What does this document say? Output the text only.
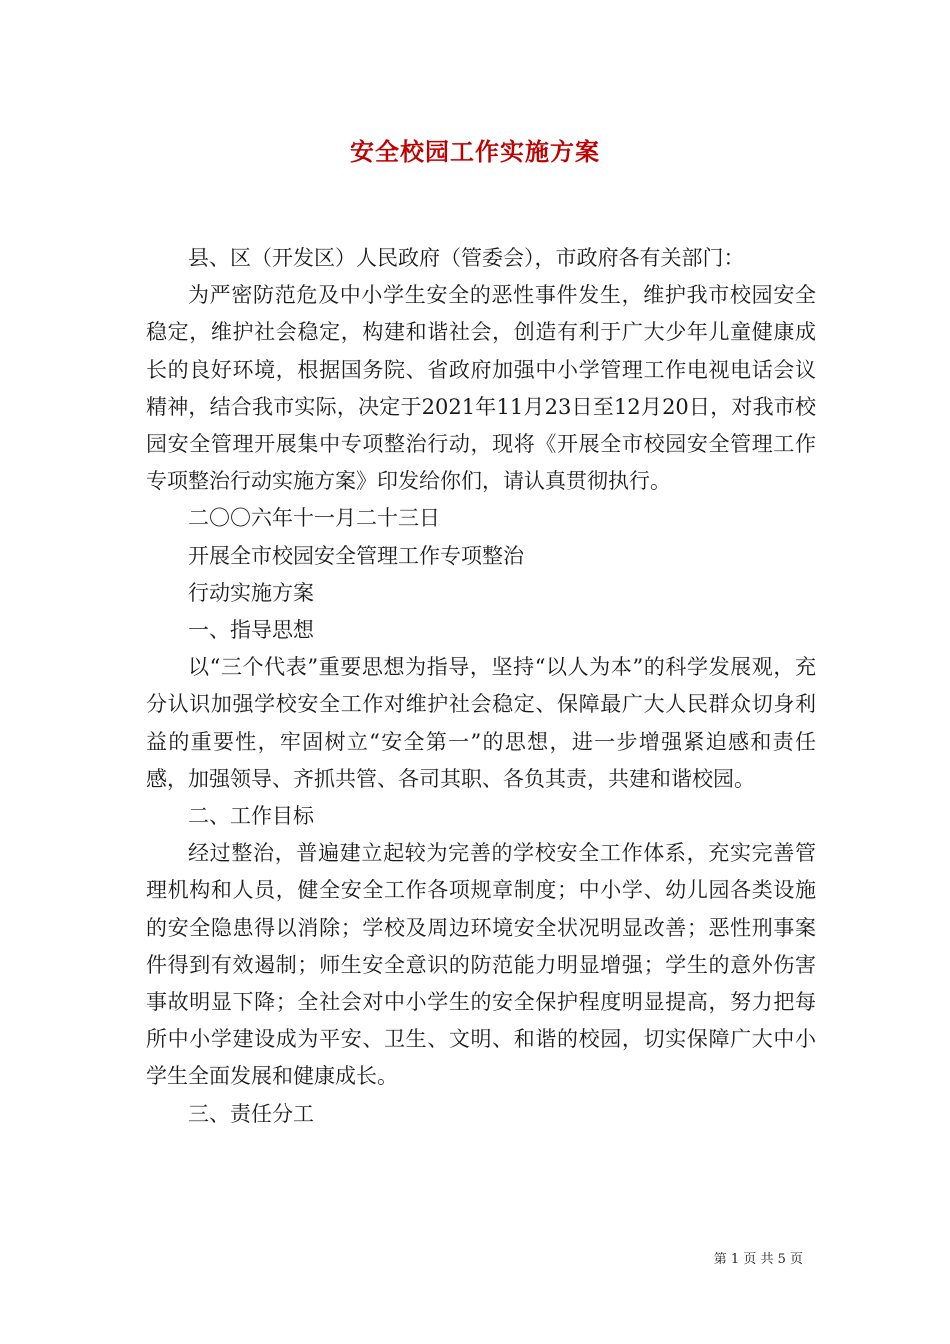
安全校园工作实施方案

县、区（开发区）人民政府（管委会），市政府各有关部门：

为严密防范危及中小学生安全的恶性事件发生，维护我市校园安全稳定，维护社会稳定，构建和谐社会，创造有利于广大少年儿童健康成长的良好环境，根据国务院、省政府加强中小学管理工作电视电话会议精神，结合我市实际，决定于2021年11月23日至12月20日，对我市校园安全管理开展集中专项整治行动，现将《开展全市校园安全管理工作专项整治行动实施方案》印发给你们，请认真贯彻执行。

二〇〇六年十一月二十三日

开展全市校园安全管理工作专项整治

行动实施方案

一、指导思想

以“三个代表”重要思想为指导，坚持“以人为本”的科学发展观，充分认识加强学校安全工作对维护社会稳定、保障最广大人民群众切身利益的重要性，牢固树立“安全第一”的思想，进一步增强紧迫感和责任感，加强领导、齐抓共管、各司其职、各负其责，共建和谐校园。

二、工作目标

经过整治，普遍建立起较为完善的学校安全工作体系，充实完善管理机构和人员，健全安全工作各项规章制度；中小学、幼儿园各类设施的安全隐患得以消除；学校及周边环境安全状况明显改善；恶性刑事案件得到有效遏制；师生安全意识的防范能力明显增强；学生的意外伤害事故明显下降；全社会对中小学生的安全保护程度明显提高，努力把每所中小学建设成为平安、卫生、文明、和谐的校园，切实保障广大中小学生全面发展和健康成长。

三、责任分工

第 1 页 共 5 页
